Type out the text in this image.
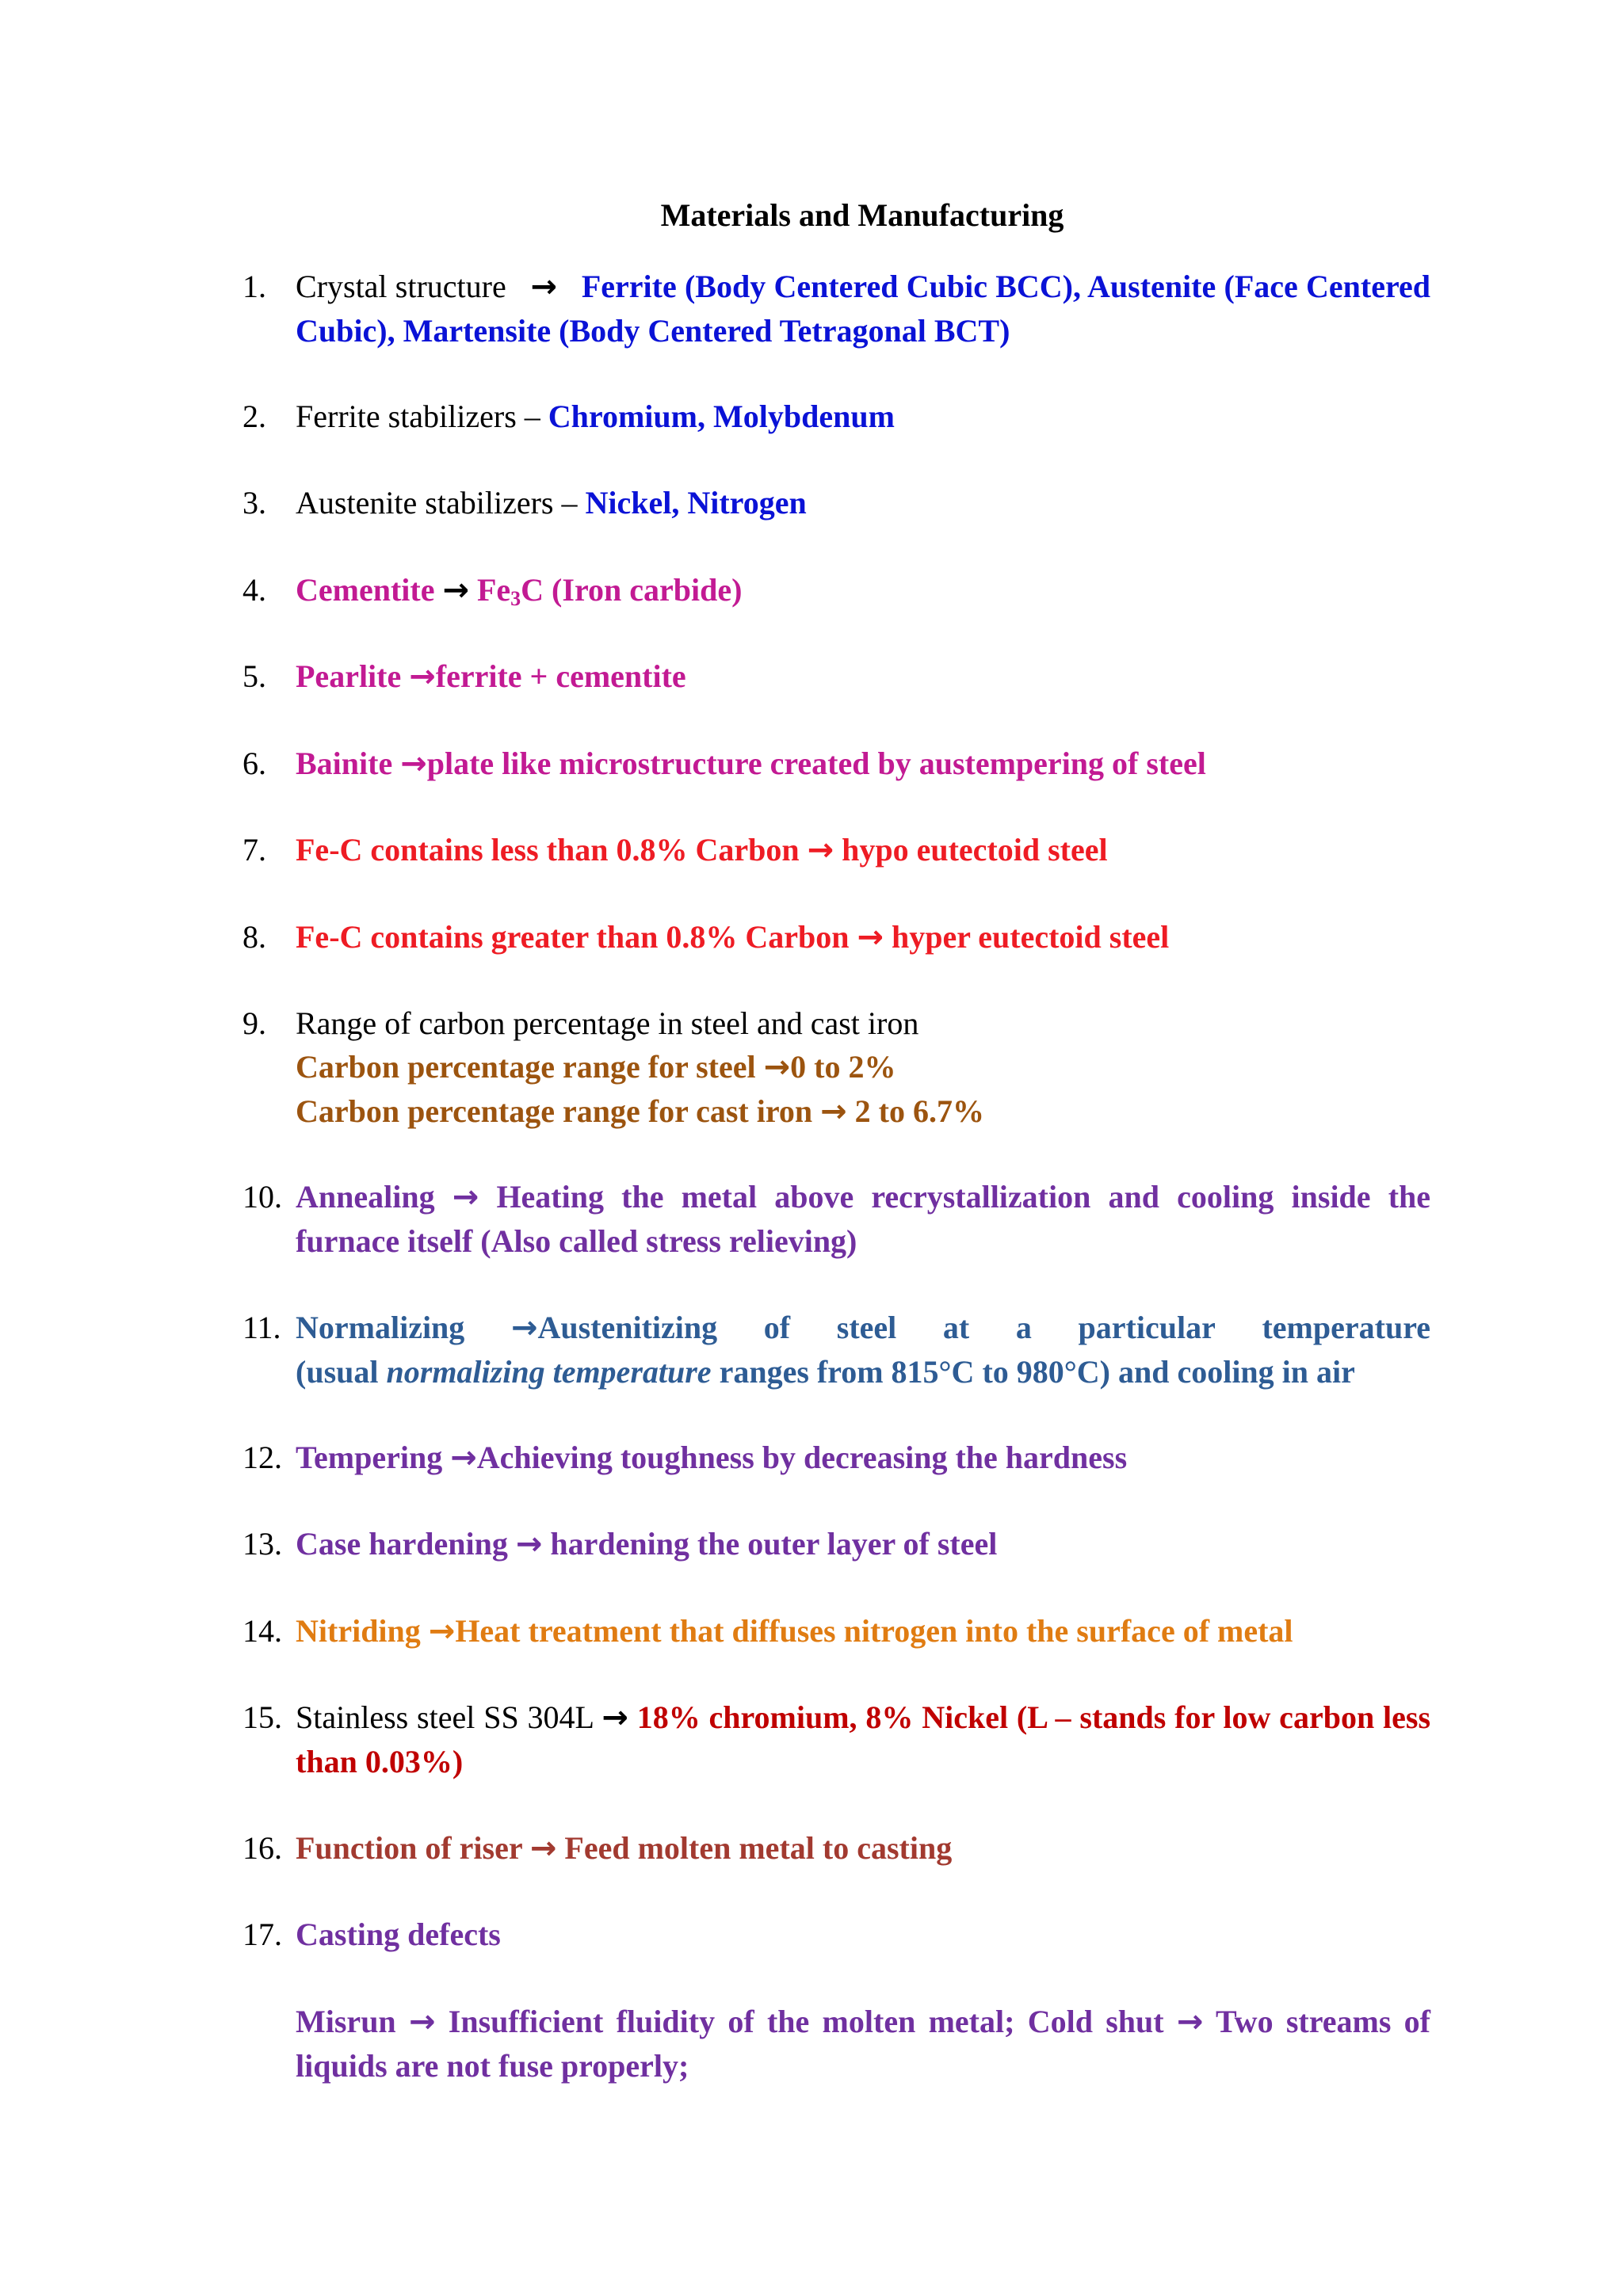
Materials and Manufacturing
1. Crystal structure → Ferrite (Body Centered Cubic BCC), Austenite (Face Centered Cubic), Martensite (Body Centered Tetragonal BCT)
2. Ferrite stabilizers – Chromium, Molybdenum
3. Austenite stabilizers – Nickel, Nitrogen
4. Cementite → $Fe_3C$ (Iron carbide)
5. Pearlite →ferrite + cementite
6. Bainite →plate like microstructure created by austempering of steel
7. Fe-C contains less than 0.8% Carbon → hypo eutectoid steel
8. Fe-C contains greater than 0.8% Carbon → hyper eutectoid steel
9. Range of carbon percentage in steel and cast iron
Carbon percentage range for steel →0 to 2%
Carbon percentage range for cast iron → 2 to 6.7%
10. Annealing → Heating the metal above recrystallization and cooling inside the furnace itself (Also called stress relieving)
11. Normalizing →Austenitizing of steel at a particular temperature
(usual normalizing temperature ranges from 815°C to 980°C) and cooling in air
12. Tempering →Achieving toughness by decreasing the hardness
13. Case hardening → hardening the outer layer of steel
14. Nitriding →Heat treatment that diffuses nitrogen into the surface of metal
15. Stainless steel SS 304L → 18% chromium, 8% Nickel (L – stands for low carbon less than 0.03%)
16. Function of riser → Feed molten metal to casting
17. Casting defects
Misrun → Insufficient fluidity of the molten metal; Cold shut → Two streams of liquids are not fuse properly;
